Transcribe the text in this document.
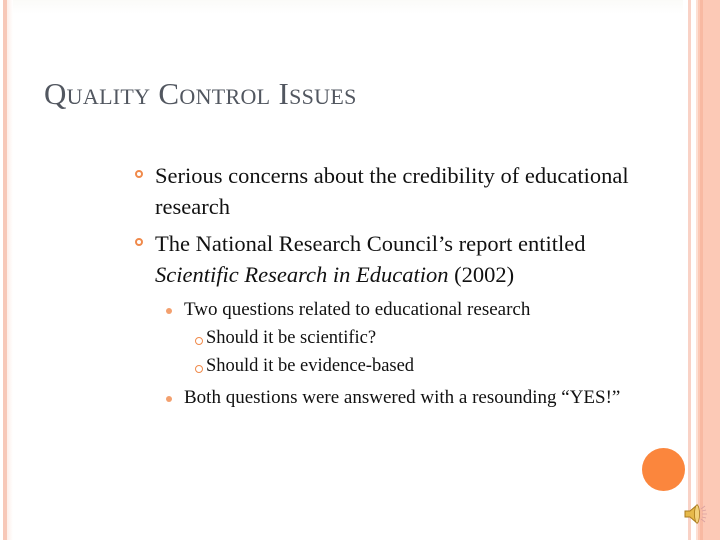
Quality Control Issues
Serious concerns about the credibility of educational research
The National Research Council’s report entitled Scientific Research in Education (2002)
Two questions related to educational research
Should it be scientific?
Should it be evidence-based
Both questions were answered with a resounding “YES!”
